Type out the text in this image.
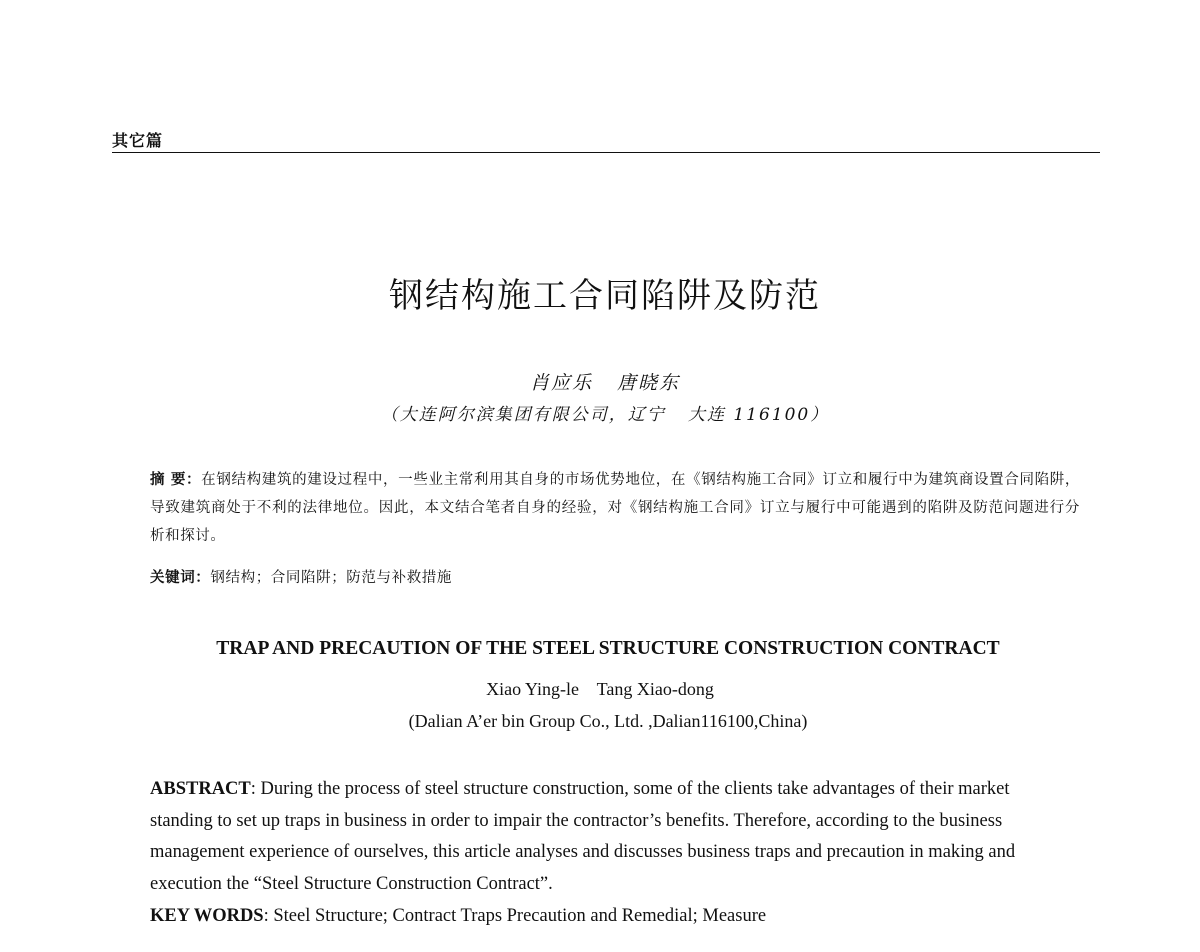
其它篇
钢结构施工合同陷阱及防范
肖应乐   唐晓东
（大连阿尔滨集团有限公司，辽宁   大连 116100）
摘 要：在钢结构建筑的建设过程中，一些业主常利用其自身的市场优势地位，在《钢结构施工合同》订立和履行中为建筑商设置合同陷阱，导致建筑商处于不利的法律地位。因此，本文结合笔者自身的经验，对《钢结构施工合同》订立与履行中可能遇到的陷阱及防范问题进行分析和探讨。
关键词：钢结构；合同陷阱；防范与补救措施
TRAP AND PRECAUTION OF THE STEEL STRUCTURE CONSTRUCTION CONTRACT
Xiao Ying-le    Tang Xiao-dong
(Dalian A’er bin Group Co., Ltd. ,Dalian116100,China)
ABSTRACT: During the process of steel structure construction, some of the clients take advantages of their market standing to set up traps in business in order to impair the contractor’s benefits. Therefore, according to the business management experience of ourselves, this article analyses and discusses business traps and precaution in making and execution the “Steel Structure Construction Contract”.
KEY WORDS: Steel Structure; Contract Traps Precaution and Remedial; Measure
